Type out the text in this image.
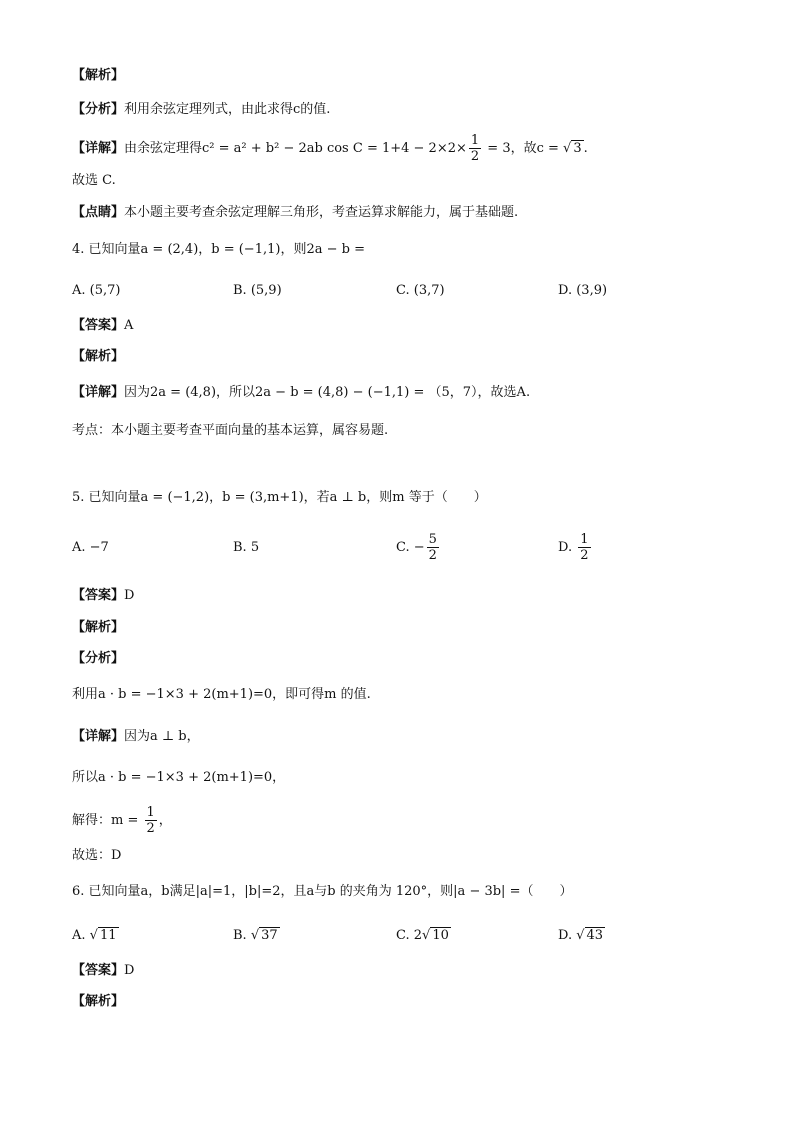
【解析】
【分析】利用余弦定理列式，由此求得c的值.
【详解】由余弦定理得c² = a² + b² − 2ab $\cos C = 1+4 - 2\times 2\times \frac{1}{2} = 3$，故c = √ 3 .
故选 C.
【点睛】本小题主要考查余弦定理解三角形，考查运算求解能力，属于基础题.
4. 已知向量a = (2,4)，b = (−1,1)，则2a − b =
A. (5,7)	B. (5,9)	C. (3,7)	D. (3,9)
【答案】A
【解析】
【详解】因为2a = (4,8)，所以2a − b = (4,8) − (−1,1) = （5，7），故选A.
考点：本小题主要考查平面向量的基本运算，属容易题.
5. 已知向量a = (−1,2)，b = (3,m+1)，若a ⊥ b，则m 等于（　　）
A. −7	B. 5	C. − $\frac{5}{2}$	D. $\frac{1}{2}$
【答案】D
【解析】
【分析】
利用a · b = −1×3 + 2(m+1)=0，即可得m 的值.
【详解】因为a ⊥ b，
所以a · b = −1×3 + 2(m+1)=0，
解得：$m = \frac{1}{2}$ ，
故选：D
6. 已知向量a，b满足|a|=1，|b|=2，且a与b 的夹角为 120°，则|a − 3b| =（　　）
A. √ 11	B. √ 37	C. 2√ 10	D. √ 43
【答案】D
【解析】
